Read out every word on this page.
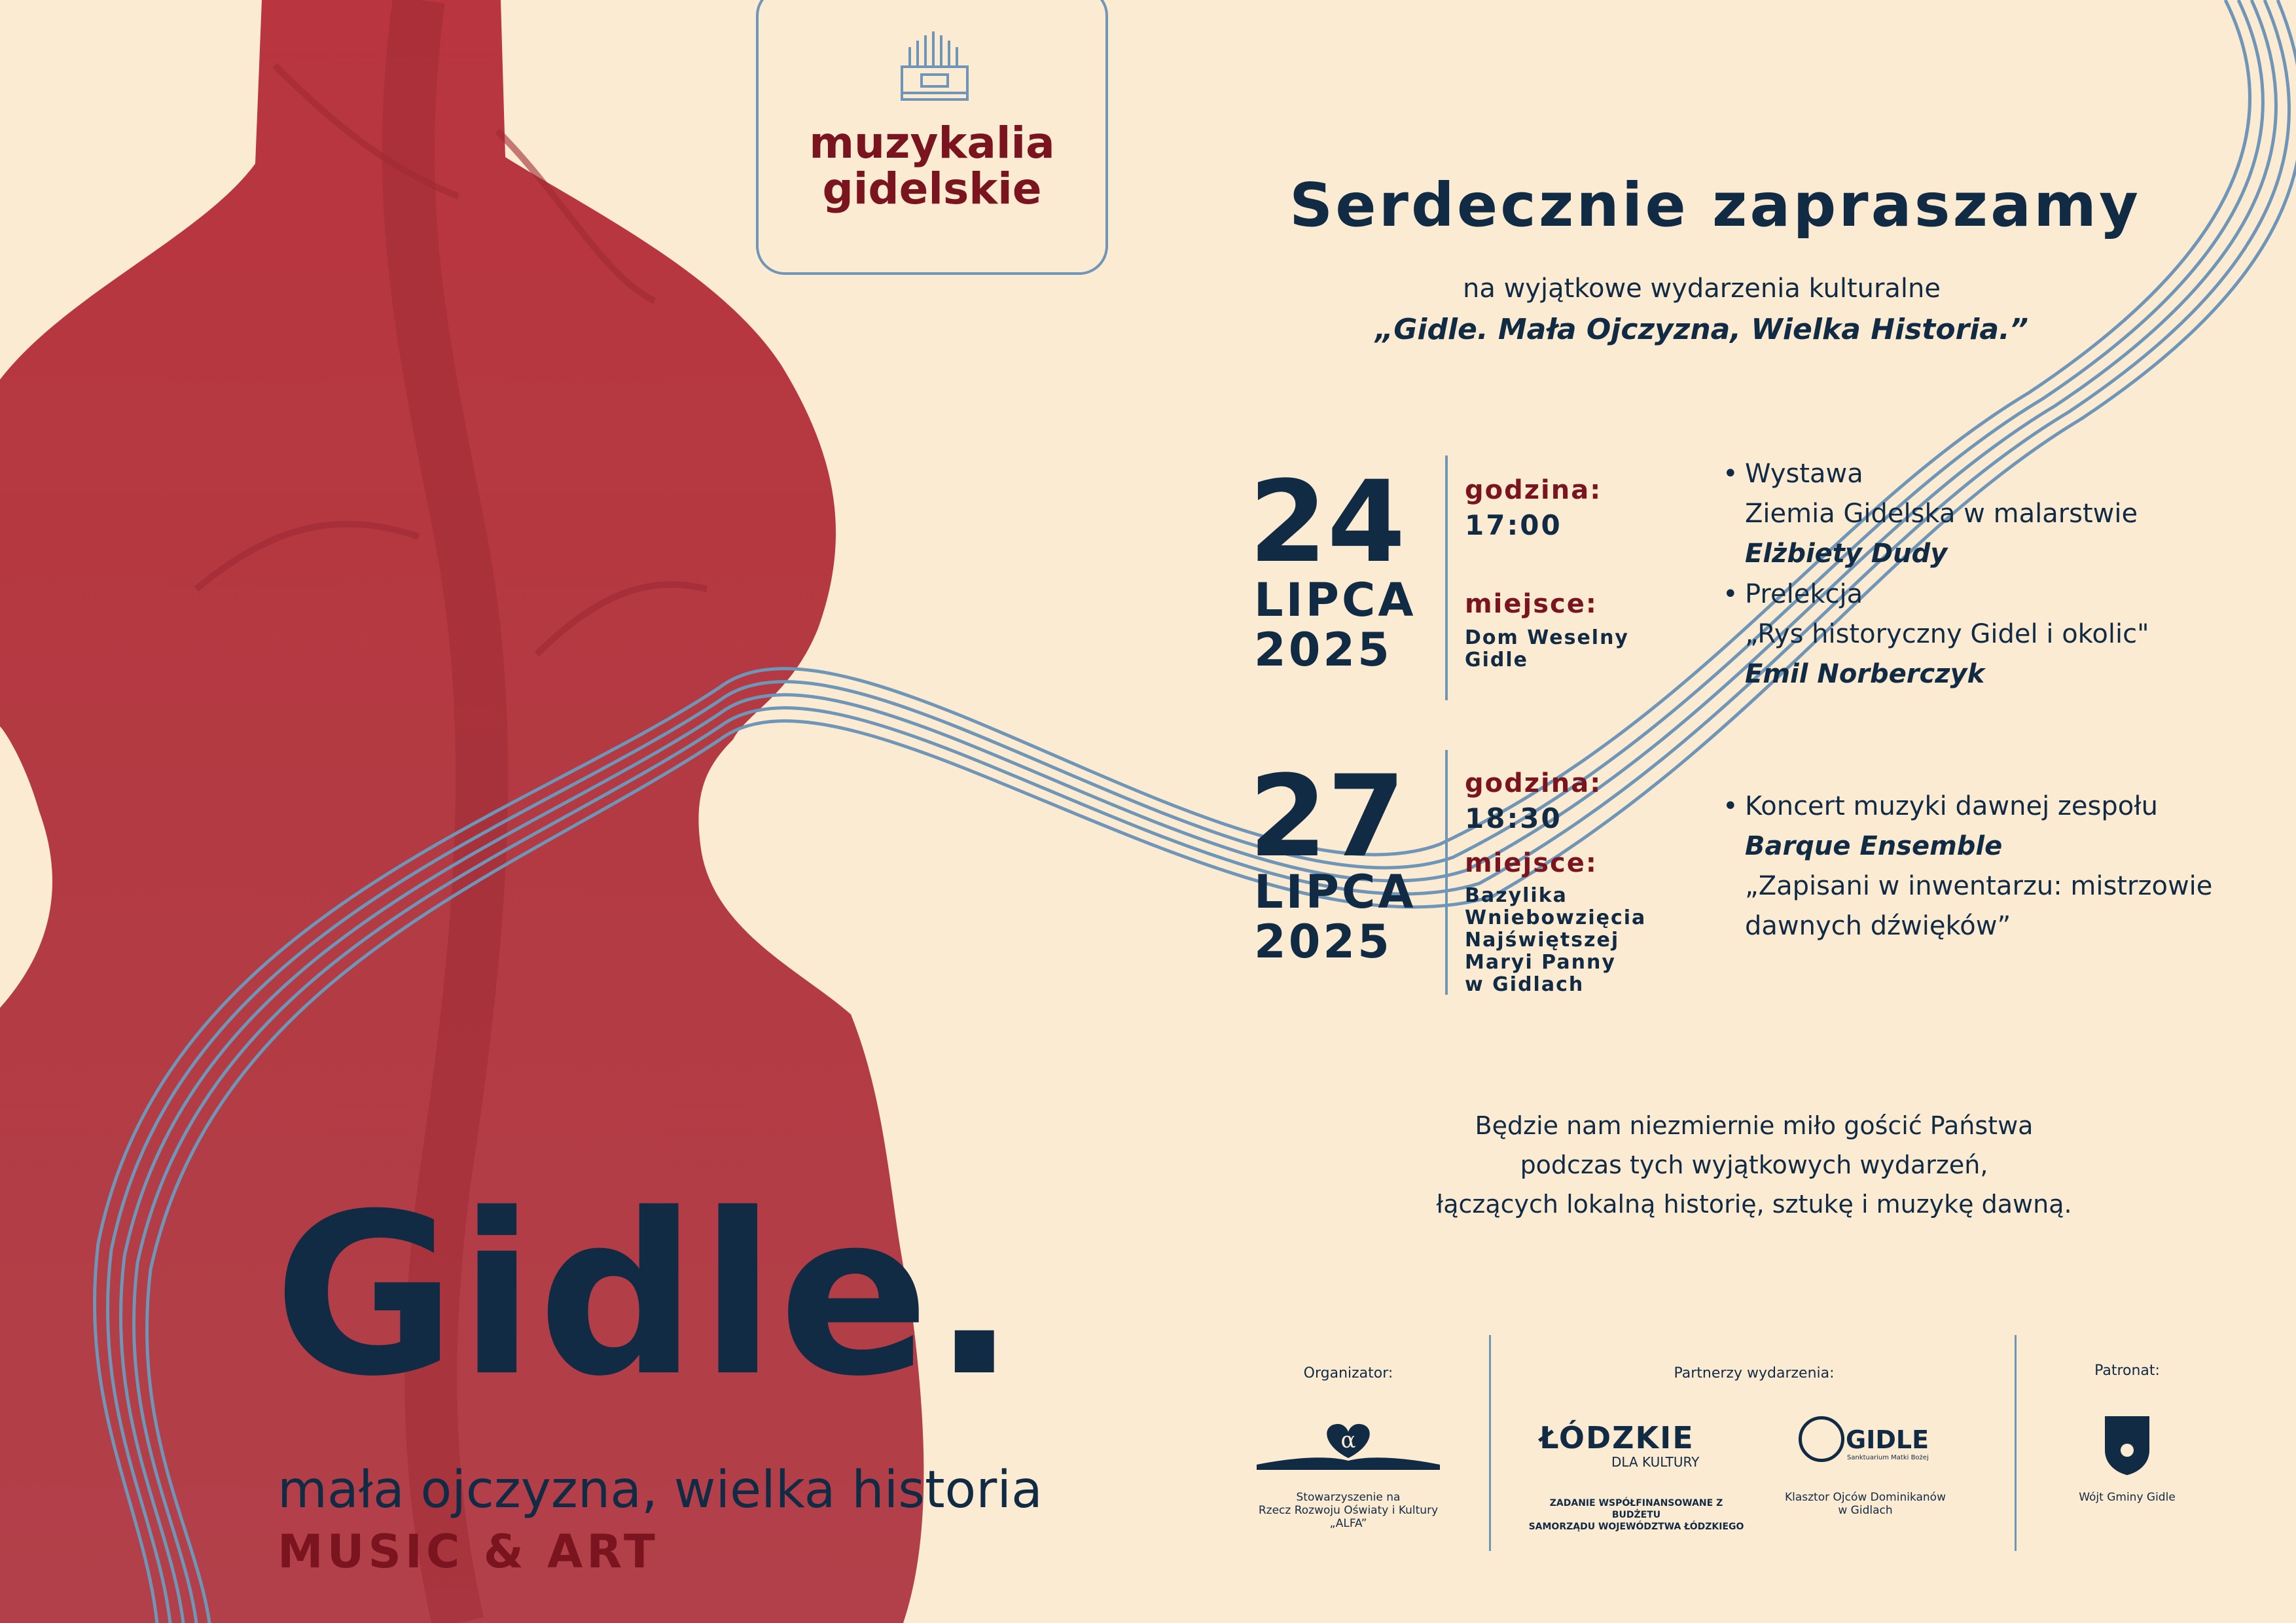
muzykalia
gidelskie	Serdecznie zapraszamy
na wyjątkowe wydarzenia kulturalne
„Gidle. Mała Ojczyzna, Wielka Historia.”
24
LIPCA
2025
godzina:
17:00
miejsce:
Dom Weselny
Gidle
• Wystawa
Ziemia Gidelska w malarstwie
Elżbiety Dudy
• Prelekcja
„Rys historyczny Gidel i okolic"
Emil Norberczyk
27
LIPCA
2025
godzina:
18:30
miejsce:
Bazylika
Wniebowzięcia
Najświętszej
Maryi Panny
w Gidlach
• Koncert muzyki dawnej zespołu
Barque Ensemble
„Zapisani w inwentarzu: mistrzowie
dawnych dźwięków”
Będzie nam niezmiernie miło gościć Państwa
podczas tych wyjątkowych wydarzeń,
łączących lokalną historię, sztukę i muzykę dawną.
Gidle.
mała ojczyzna, wielka historia
MUSIC & ART
Organizator:
α
Stowarzyszenie na
Rzecz Rozwoju Oświaty i Kultury
„ALFA”
Partnerzy wydarzenia:
ŁÓDZKIE
DLA KULTURY
ZADANIE WSPÓŁFINANSOWANE Z BUDŻETU
SAMORZĄDU WOJEWÓDZTWA ŁÓDZKIEGO
GIDLE
Sanktuarium Matki Bożej
Klasztor Ojców Dominikanów
w Gidlach
Patronat:
Wójt Gminy Gidle
